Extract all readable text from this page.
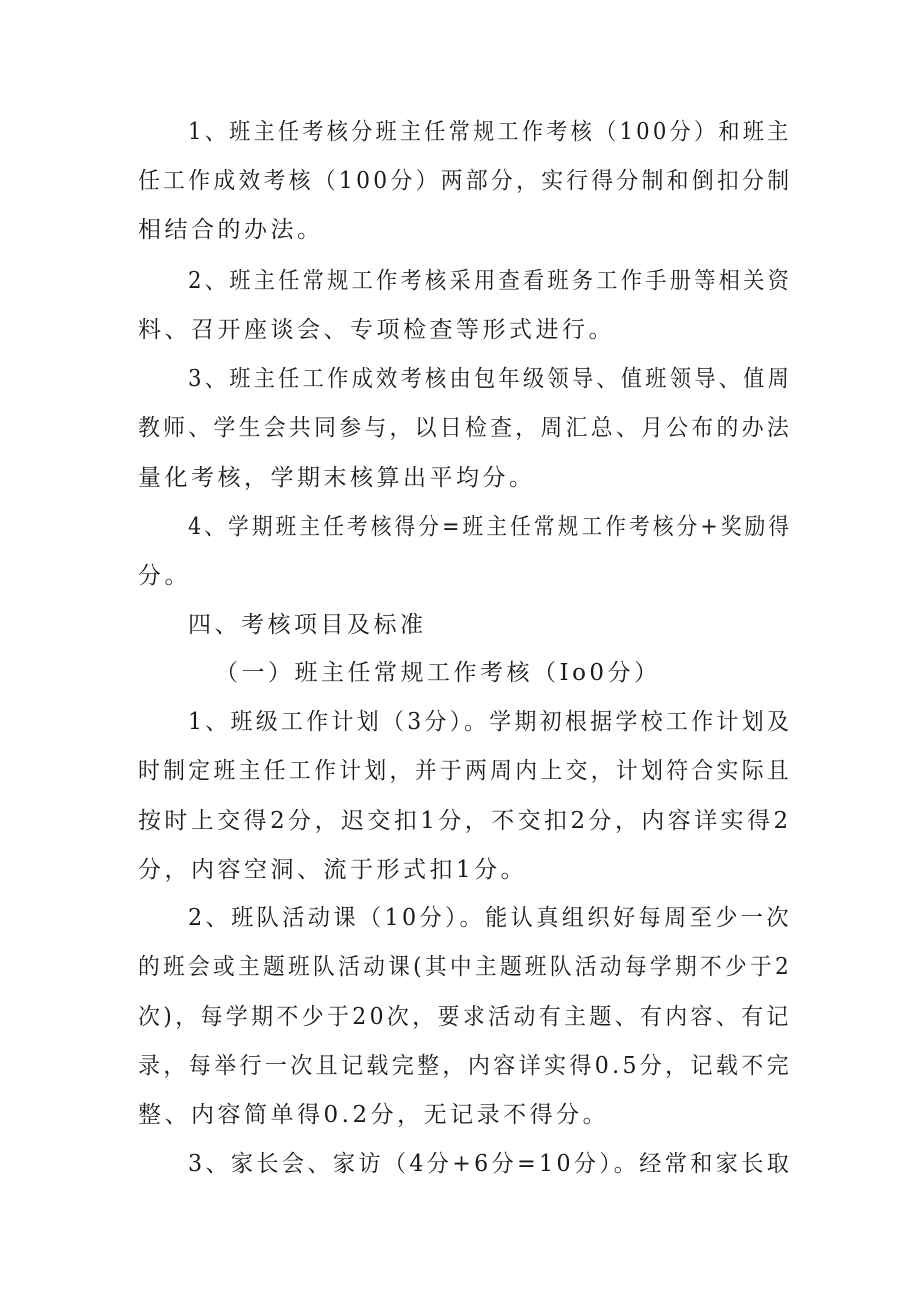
1、班主任考核分班主任常规工作考核（100分）和班主
任工作成效考核（100分）两部分，实行得分制和倒扣分制
相结合的办法。
2、班主任常规工作考核采用查看班务工作手册等相关资
料、召开座谈会、专项检查等形式进行。
3、班主任工作成效考核由包年级领导、值班领导、值周
教师、学生会共同参与，以日检查，周汇总、月公布的办法
量化考核，学期末核算出平均分。
4、学期班主任考核得分=班主任常规工作考核分+奖励得
分。
四、考核项目及标准
（一）班主任常规工作考核（Io0分）
1、班级工作计划（3分）。学期初根据学校工作计划及
时制定班主任工作计划，并于两周内上交，计划符合实际且
按时上交得2分，迟交扣1分，不交扣2分，内容详实得2
分，内容空洞、流于形式扣1分。
2、班队活动课（10分）。能认真组织好每周至少一次
的班会或主题班队活动课(其中主题班队活动每学期不少于2
次)，每学期不少于20次，要求活动有主题、有内容、有记
录，每举行一次且记载完整，内容详实得0.5分，记载不完
整、内容简单得0.2分，无记录不得分。
3、家长会、家访（4分+6分=10分）。经常和家长取
